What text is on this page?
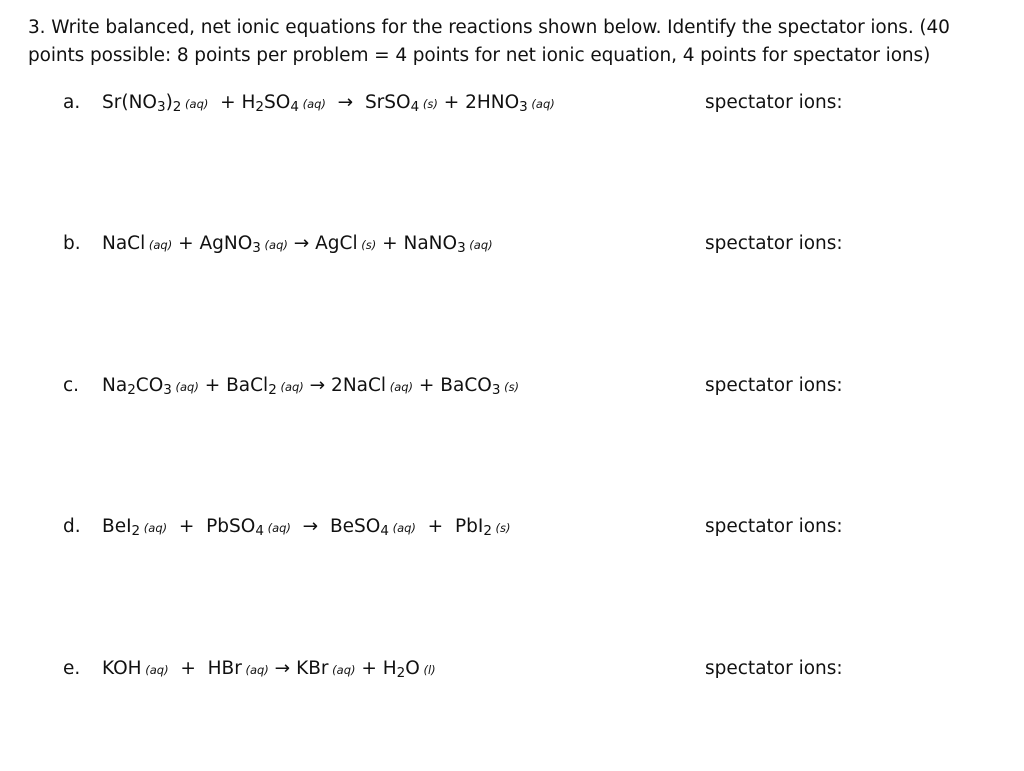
3. Write balanced, net ionic equations for the reactions shown below. Identify the spectator ions. (40 points possible: 8 points per problem = 4 points for net ionic equation, 4 points for spectator ions)
a. $Sr(NO_3)_2$ $(aq) + H_2SO_4$ (aq)  →  SrSO$_4$ $(s) + 2HNO_3$ (aq)	spectator ions:
b. NaCl (aq) + AgNO$_3$ (aq) → AgCl (s) + NaNO$_3$ (aq)	spectator ions:
c. $Na_2CO_3$ (aq) + BaCl$_2$ (aq) → 2NaCl (aq) + BaCO$_3$ (s)	spectator ions:
d. BeI$_2$ (aq)  +  PbSO$_4$ (aq)  →  BeSO$_4$ (aq)  +  PbI$_2$ (s)	spectator ions:
e. KOH (aq)  +  HBr (aq) → KBr $(aq) + H_2O$ (l)	spectator ions:
